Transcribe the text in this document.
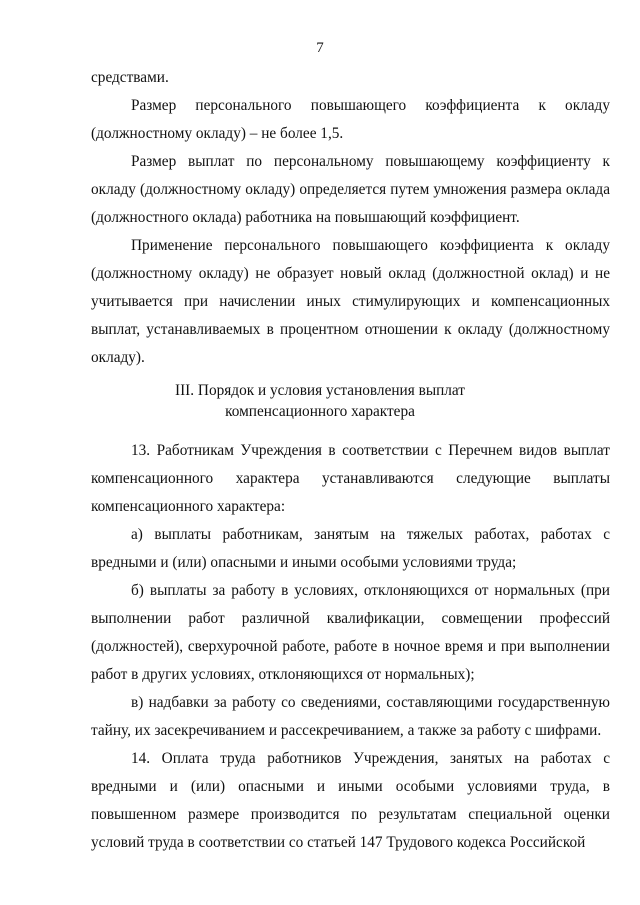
7

средствами.

Размер персонального повышающего коэффициента к окладу (должностному окладу) – не более 1,5.

Размер выплат по персональному повышающему коэффициенту к окладу (должностному окладу) определяется путем умножения размера оклада (должностного оклада) работника на повышающий коэффициент.

Применение персонального повышающего коэффициента к окладу (должностному окладу) не образует новый оклад (должностной оклад) и не учитывается при начислении иных стимулирующих и компенсационных выплат, устанавливаемых в процентном отношении к окладу (должностному окладу).

III. Порядок и условия установления выплат
компенсационного характера

13. Работникам Учреждения в соответствии с Перечнем видов выплат компенсационного характера устанавливаются следующие выплаты компенсационного характера:

а) выплаты работникам, занятым на тяжелых работах, работах с вредными и (или) опасными и иными особыми условиями труда;

б) выплаты за работу в условиях, отклоняющихся от нормальных (при выполнении работ различной квалификации, совмещении профессий (должностей), сверхурочной работе, работе в ночное время и при выполнении работ в других условиях, отклоняющихся от нормальных);

в) надбавки за работу со сведениями, составляющими государственную тайну, их засекречиванием и рассекречиванием, а также за работу с шифрами.

14. Оплата труда работников Учреждения, занятых на работах с вредными и (или) опасными и иными особыми условиями труда, в повышенном размере производится по результатам специальной оценки условий труда в соответствии со статьей 147 Трудового кодекса Российской
